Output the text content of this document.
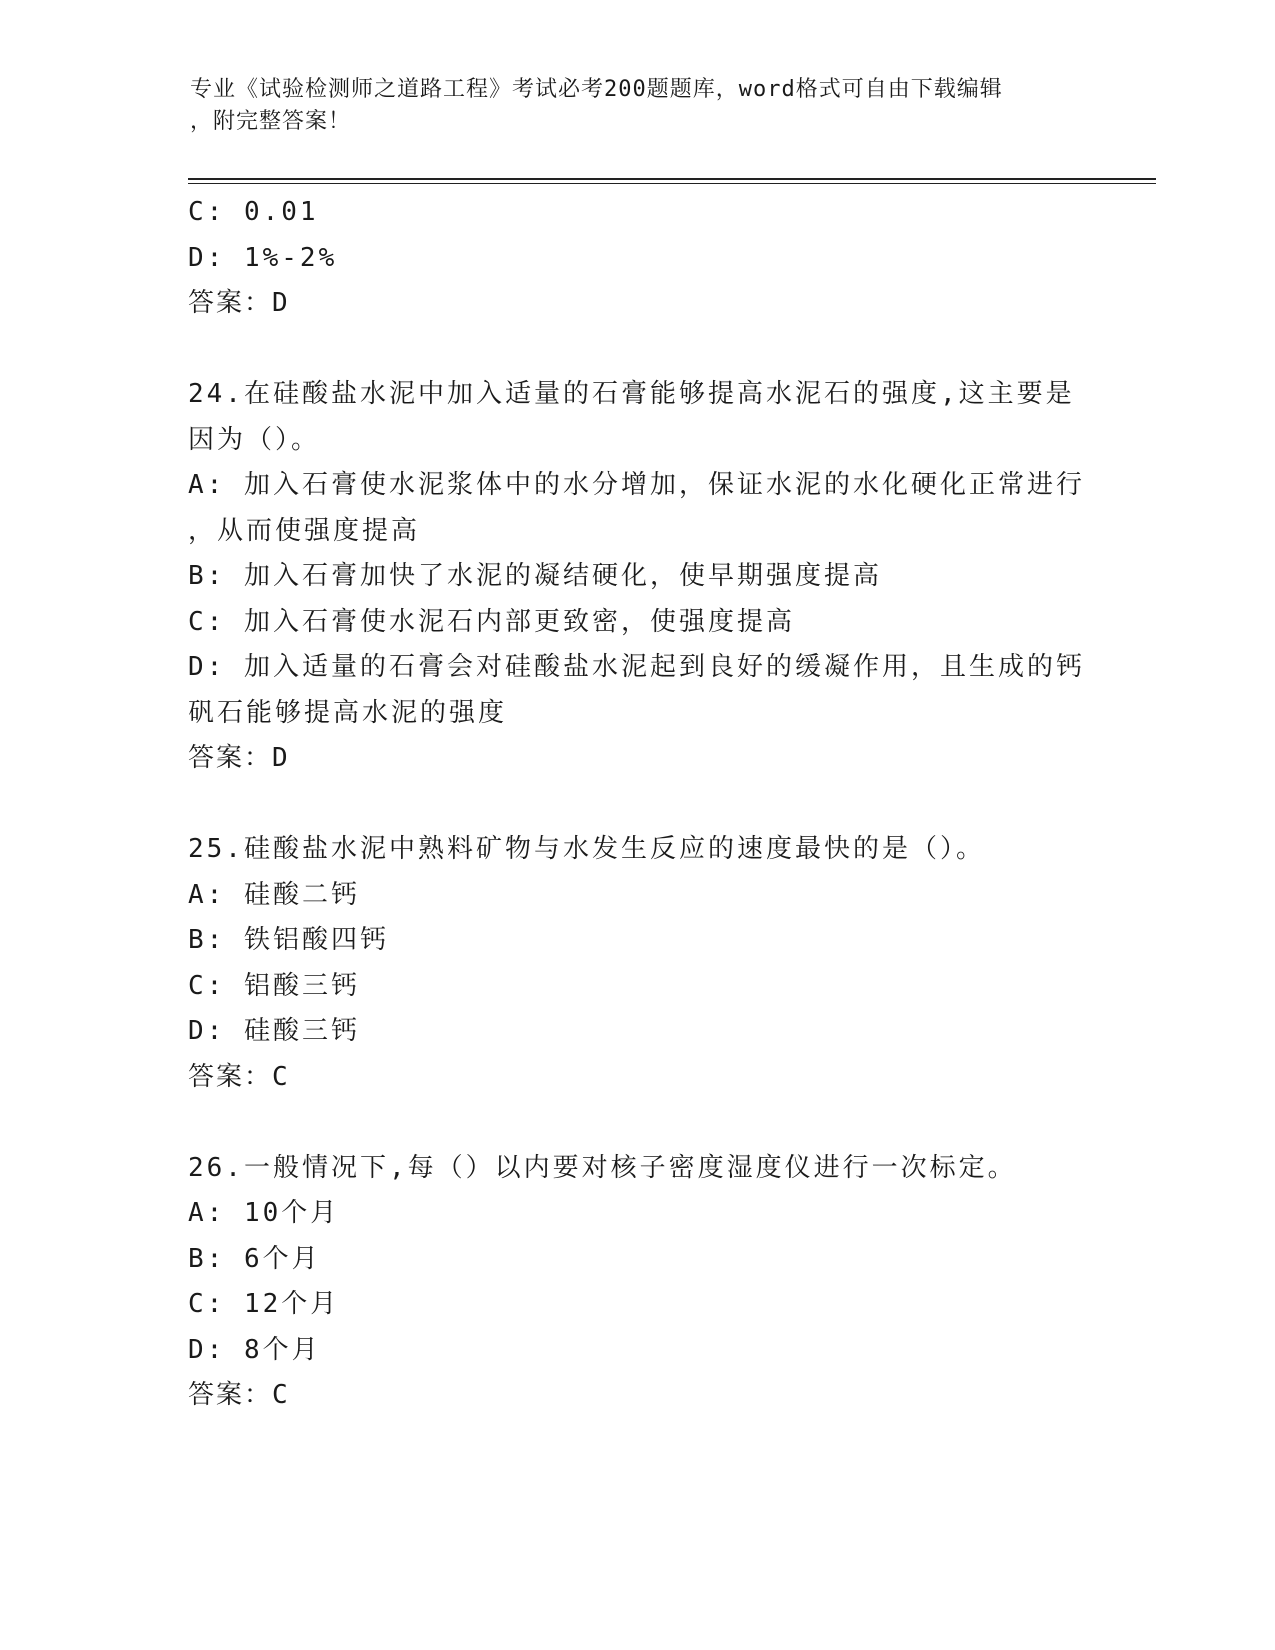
专业《试验检测师之道路工程》考试必考200题题库，word格式可自由下载编辑
，附完整答案！
C: 0.01
D: 1%-2%
答案：D
24.在硅酸盐水泥中加入适量的石膏能够提高水泥石的强度,这主要是
因为（）。
A: 加入石膏使水泥浆体中的水分增加，保证水泥的水化硬化正常进行
，从而使强度提高
B: 加入石膏加快了水泥的凝结硬化，使早期强度提高
C: 加入石膏使水泥石内部更致密，使强度提高
D: 加入适量的石膏会对硅酸盐水泥起到良好的缓凝作用，且生成的钙
矾石能够提高水泥的强度
答案：D
25.硅酸盐水泥中熟料矿物与水发生反应的速度最快的是（）。
A: 硅酸二钙
B: 铁铝酸四钙
C: 铝酸三钙
D: 硅酸三钙
答案：C
26.一般情况下,每（）以内要对核子密度湿度仪进行一次标定。
A: 10个月
B: 6个月
C: 12个月
D: 8个月
答案：C
